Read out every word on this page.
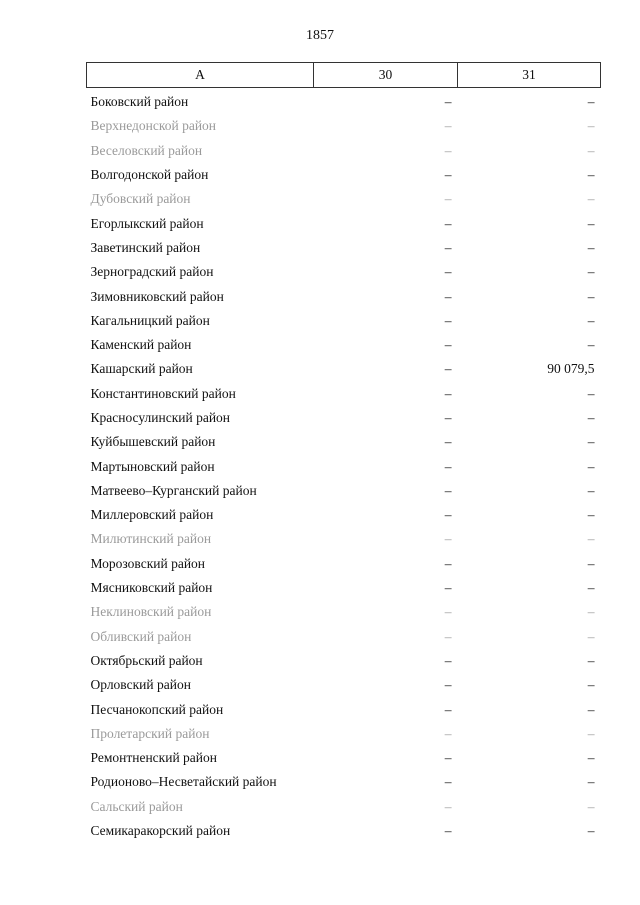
1857
А	30	31
Боковский район	–	–
Верхнедонской район	–	–
Веселовский район	–	–
Волгодонской район	–	–
Дубовский район	–	–
Егорлыкский район	–	–
Заветинский район	–	–
Зерноградский район	–	–
Зимовниковский район	–	–
Кагальницкий район	–	–
Каменский район	–	–
Кашарский район	–	90 079,5
Константиновский район	–	–
Красносулинский район	–	–
Куйбышевский район	–	–
Мартыновский район	–	–
Матвеево–Курганский район	–	–
Миллеровский район	–	–
Милютинский район	–	–
Морозовский район	–	–
Мясниковский район	–	–
Неклиновский район	–	–
Обливский район	–	–
Октябрьский район	–	–
Орловский район	–	–
Песчанокопский район	–	–
Пролетарский район	–	–
Ремонтненский район	–	–
Родионово–Несветайский район	–	–
Сальский район	–	–
Семикаракорский район	–	–
